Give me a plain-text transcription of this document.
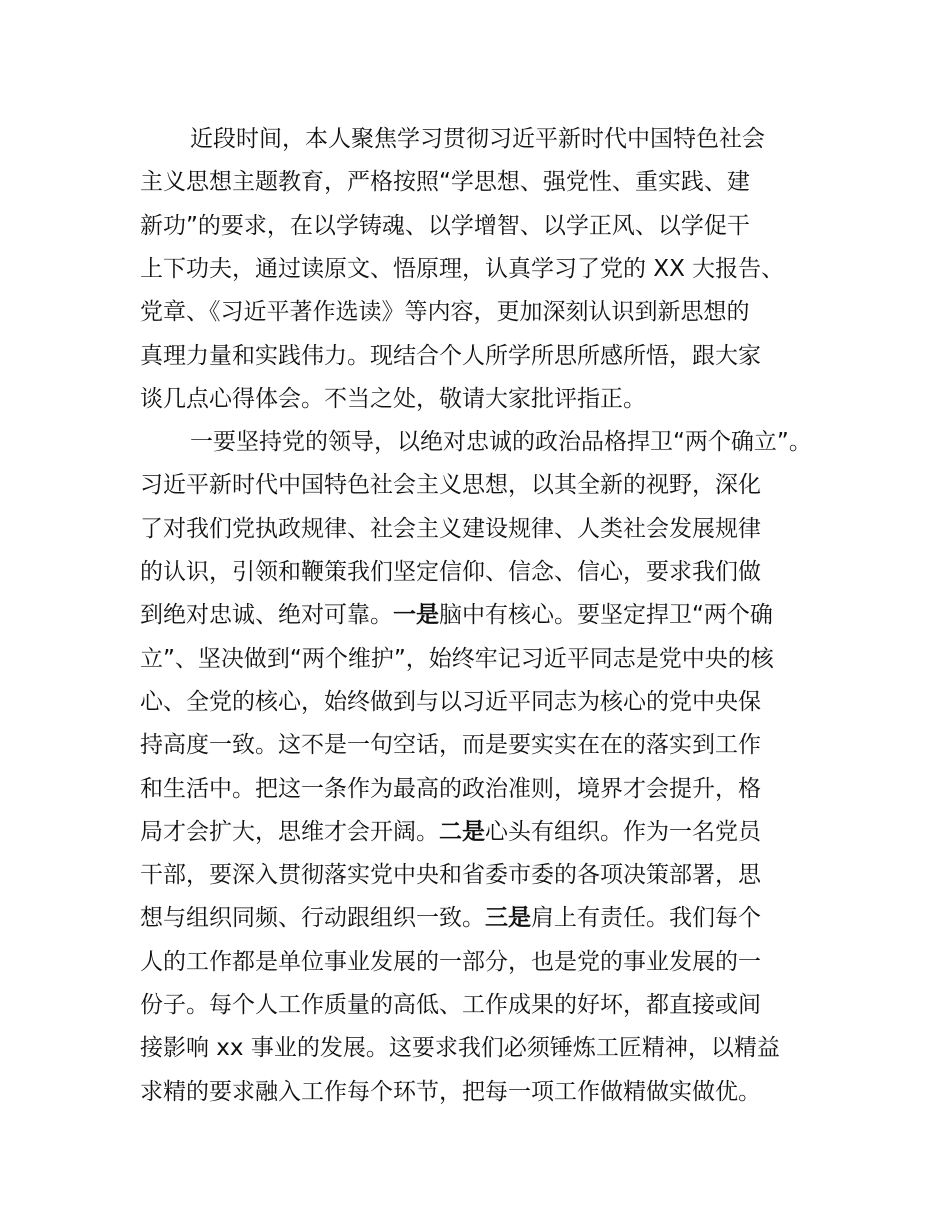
近段时间，本人聚焦学习贯彻习近平新时代中国特色社会
主义思想主题教育，严格按照“学思想、强党性、重实践、建
新功”的要求，在以学铸魂、以学增智、以学正风、以学促干
上下功夫，通过读原文、悟原理，认真学习了党的 XX 大报告、
党章、《习近平著作选读》等内容，更加深刻认识到新思想的
真理力量和实践伟力。现结合个人所学所思所感所悟，跟大家
谈几点心得体会。不当之处，敬请大家批评指正。
一要坚持党的领导，以绝对忠诚的政治品格捍卫“两个确立”。
习近平新时代中国特色社会主义思想，以其全新的视野，深化
了对我们党执政规律、社会主义建设规律、人类社会发展规律
的认识，引领和鞭策我们坚定信仰、信念、信心，要求我们做
到绝对忠诚、绝对可靠。一是脑中有核心。要坚定捍卫“两个确
立”、坚决做到“两个维护”，始终牢记习近平同志是党中央的核
心、全党的核心，始终做到与以习近平同志为核心的党中央保
持高度一致。这不是一句空话，而是要实实在在的落实到工作
和生活中。把这一条作为最高的政治准则，境界才会提升，格
局才会扩大，思维才会开阔。二是心头有组织。作为一名党员
干部，要深入贯彻落实党中央和省委市委的各项决策部署，思
想与组织同频、行动跟组织一致。三是肩上有责任。我们每个
人的工作都是单位事业发展的一部分，也是党的事业发展的一
份子。每个人工作质量的高低、工作成果的好坏，都直接或间
接影响 xx 事业的发展。这要求我们必须锤炼工匠精神，以精益
求精的要求融入工作每个环节，把每一项工作做精做实做优。
